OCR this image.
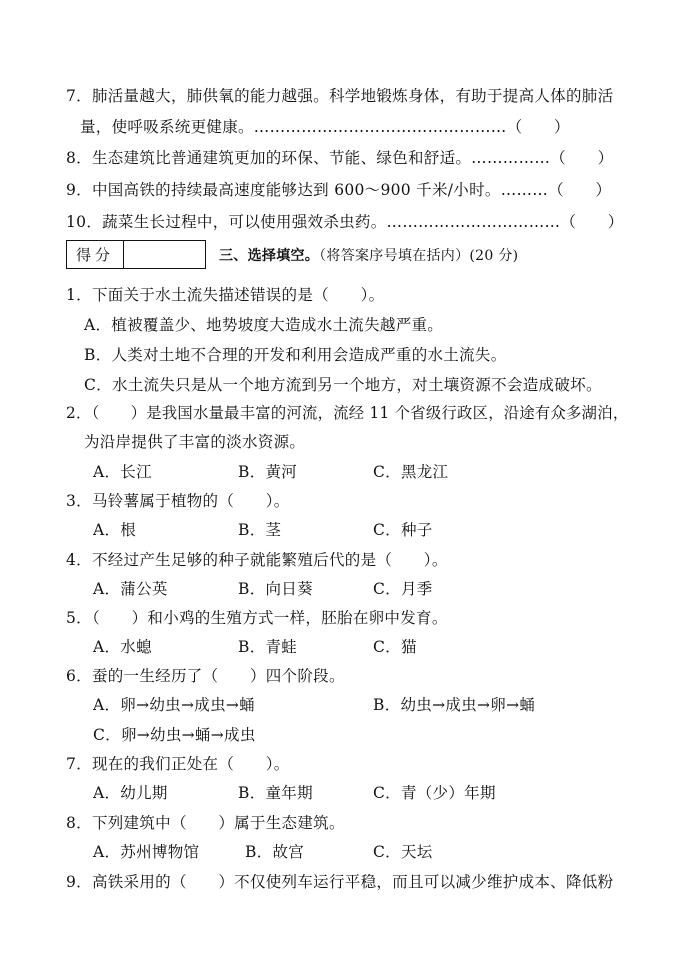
7．肺活量越大，肺供氧的能力越强。科学地锻炼身体，有助于提高人体的肺活
量，使呼吸系统更健康。…………………………………………（　　）
8．生态建筑比普通建筑更加的环保、节能、绿色和舒适。……………（　　）
9．中国高铁的持续最高速度能够达到 600～900 千米/小时。………（　　）
10．蔬菜生长过程中，可以使用强效杀虫药。……………………………（　　）
得分	三、选择填空。（将答案序号填在括内）(20 分)
1．下面关于水土流失描述错误的是（　　）。
A．植被覆盖少、地势坡度大造成水土流失越严重。
B．人类对土地不合理的开发和利用会造成严重的水土流失。
C．水土流失只是从一个地方流到另一个地方，对土壤资源不会造成破坏。
2．（　　）是我国水量最丰富的河流，流经 11 个省级行政区，沿途有众多湖泊，
为沿岸提供了丰富的淡水资源。
A．长江	B．黄河	C．黑龙江
3．马铃薯属于植物的（　　）。
A．根	B．茎	C．种子
4．不经过产生足够的种子就能繁殖后代的是（　　）。
A．蒲公英	B．向日葵	C．月季
5．（　　）和小鸡的生殖方式一样，胚胎在卵中发育。
A．水螅	B．青蛙	C．猫
6．蚕的一生经历了（　　）四个阶段。
A．卵→幼虫→成虫→蛹	B．幼虫→成虫→卵→蛹
C．卵→幼虫→蛹→成虫
7．现在的我们正处在（　　）。
A．幼儿期	B．童年期	C．青（少）年期
8．下列建筑中（　　）属于生态建筑。
A．苏州博物馆	B．故宫	C．天坛
9．高铁采用的（　　）不仅使列车运行平稳，而且可以减少维护成本、降低粉
